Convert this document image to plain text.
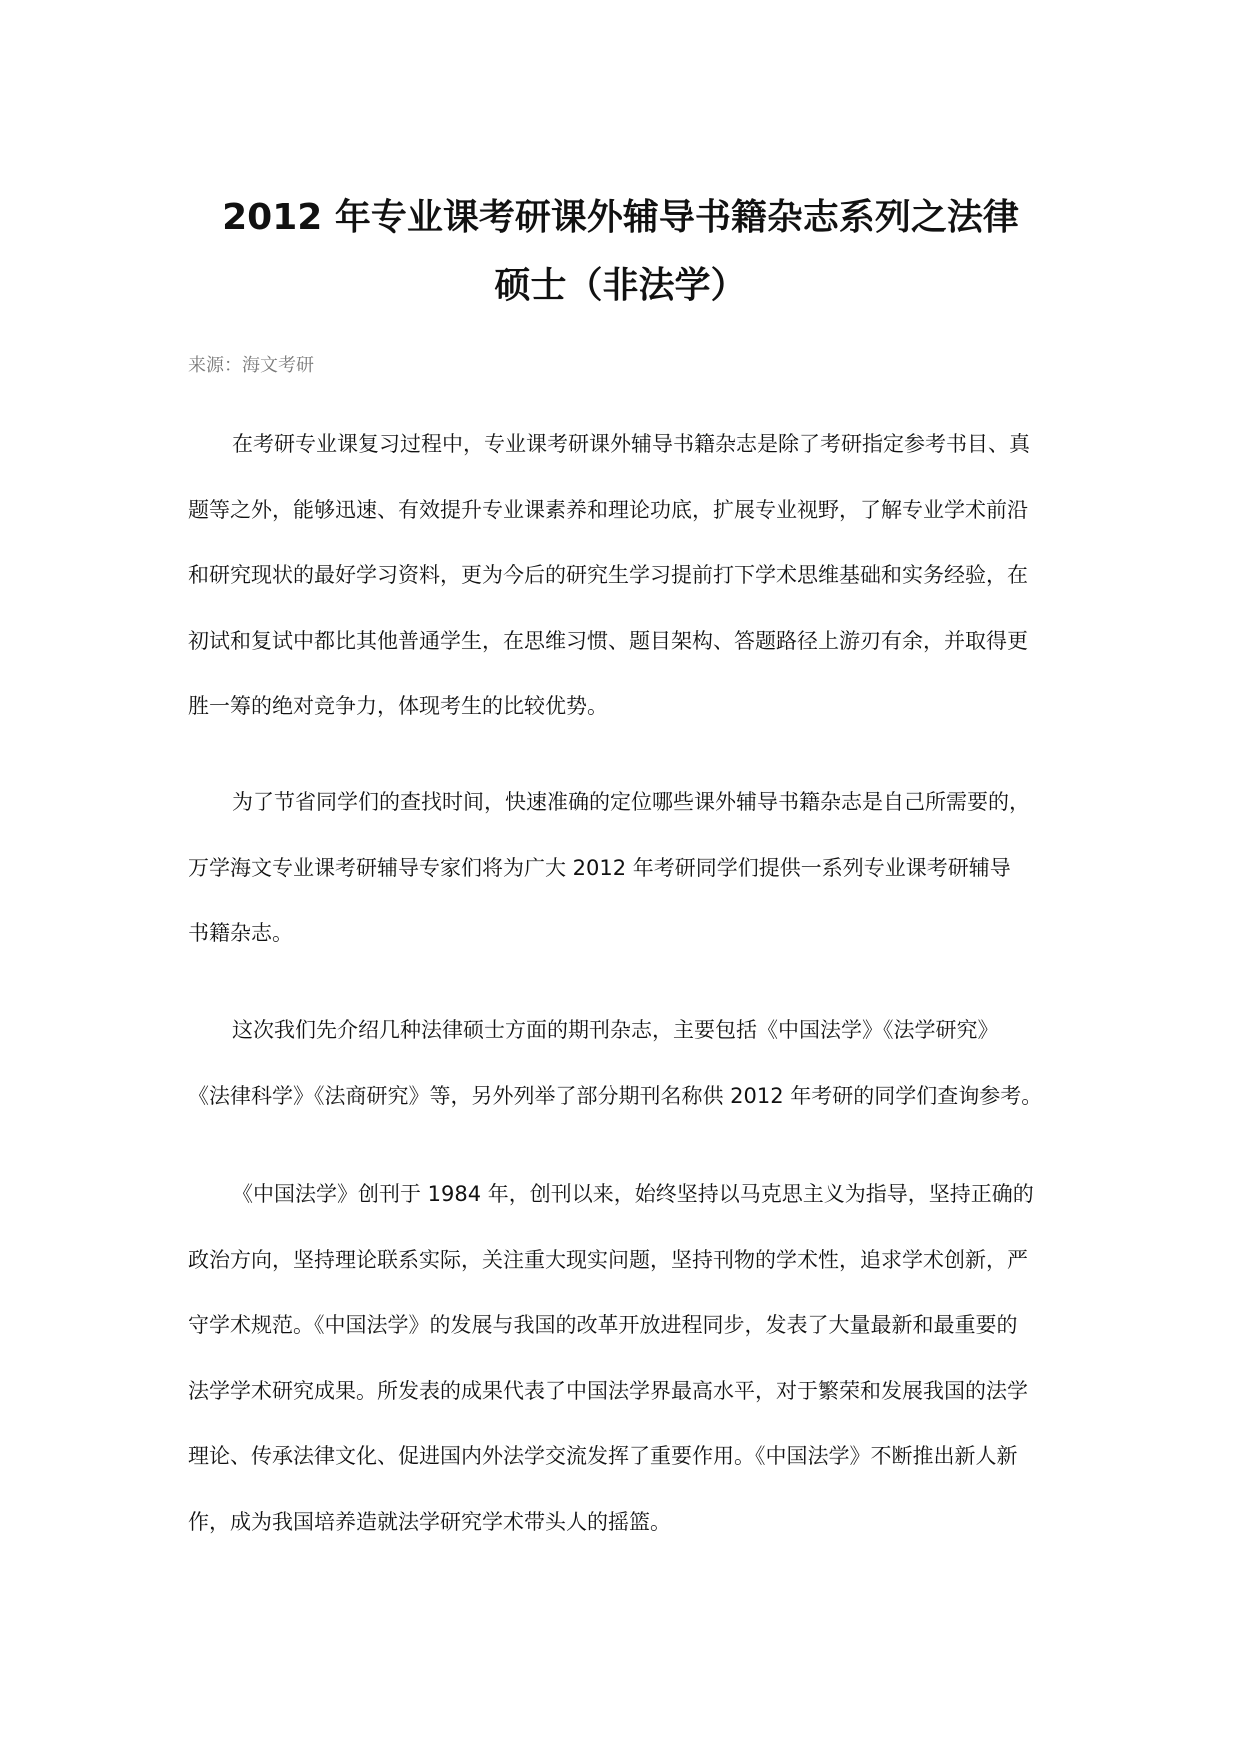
2012 年专业课考研课外辅导书籍杂志系列之法律
硕士（非法学）

来源：海文考研

在考研专业课复习过程中，专业课考研课外辅导书籍杂志是除了考研指定参考书目、真
题等之外，能够迅速、有效提升专业课素养和理论功底，扩展专业视野，了解专业学术前沿
和研究现状的最好学习资料，更为今后的研究生学习提前打下学术思维基础和实务经验，在
初试和复试中都比其他普通学生，在思维习惯、题目架构、答题路径上游刃有余，并取得更
胜一筹的绝对竞争力，体现考生的比较优势。
为了节省同学们的查找时间，快速准确的定位哪些课外辅导书籍杂志是自己所需要的，
万学海文专业课考研辅导专家们将为广大 2012 年考研同学们提供一系列专业课考研辅导
书籍杂志。
这次我们先介绍几种法律硕士方面的期刊杂志，主要包括《中国法学》《法学研究》
《法律科学》《法商研究》等，另外列举了部分期刊名称供 2012 年考研的同学们查询参考。
《中国法学》创刊于 1984 年，创刊以来，始终坚持以马克思主义为指导，坚持正确的
政治方向，坚持理论联系实际，关注重大现实问题，坚持刊物的学术性，追求学术创新，严
守学术规范。《中国法学》的发展与我国的改革开放进程同步，发表了大量最新和最重要的
法学学术研究成果。所发表的成果代表了中国法学界最高水平，对于繁荣和发展我国的法学
理论、传承法律文化、促进国内外法学交流发挥了重要作用。《中国法学》不断推出新人新
作，成为我国培养造就法学研究学术带头人的摇篮。
